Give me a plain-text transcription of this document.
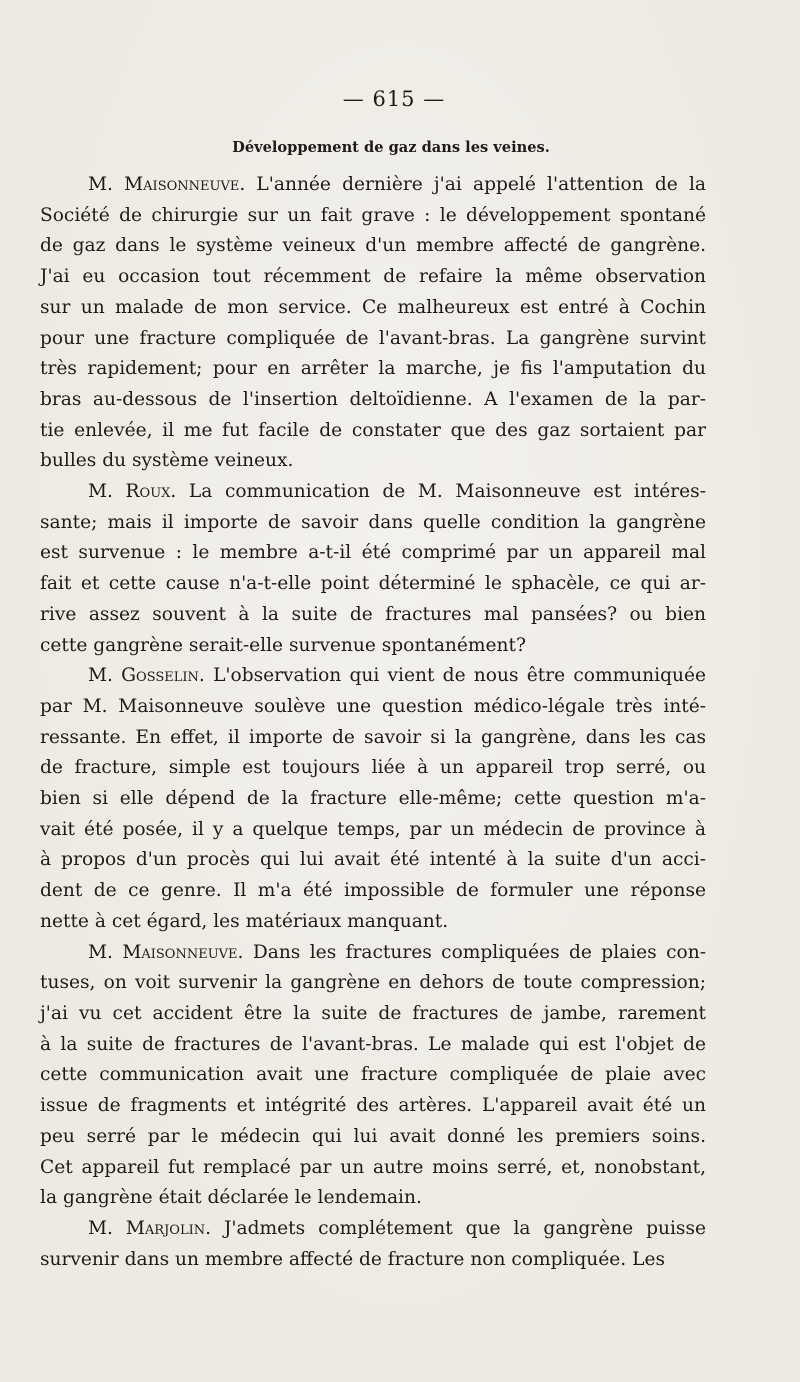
— 615 —
Développement de gaz dans les veines.

M. Maisonneuve. L'année dernière j'ai appelé l'attention de la
Société de chirurgie sur un fait grave : le développement spontané
de gaz dans le système veineux d'un membre affecté de gangrène.
J'ai eu occasion tout récemment de refaire la même observation
sur un malade de mon service. Ce malheureux est entré à Cochin
pour une fracture compliquée de l'avant-bras. La gangrène survint
très rapidement; pour en arrêter la marche, je fis l'amputation du
bras au-dessous de l'insertion deltoïdienne. A l'examen de la par-
tie enlevée, il me fut facile de constater que des gaz sortaient par
bulles du système veineux.

M. Roux. La communication de M. Maisonneuve est intéres-
sante; mais il importe de savoir dans quelle condition la gangrène
est survenue : le membre a-t-il été comprimé par un appareil mal
fait et cette cause n'a-t-elle point déterminé le sphacèle, ce qui ar-
rive assez souvent à la suite de fractures mal pansées? ou bien
cette gangrène serait-elle survenue spontanément?

M. Gosselin. L'observation qui vient de nous être communiquée
par M. Maisonneuve soulève une question médico-légale très inté-
ressante. En effet, il importe de savoir si la gangrène, dans les cas
de fracture, simple est toujours liée à un appareil trop serré, ou
bien si elle dépend de la fracture elle-même; cette question m'a-
vait été posée, il y a quelque temps, par un médecin de province à
à propos d'un procès qui lui avait été intenté à la suite d'un acci-
dent de ce genre. Il m'a été impossible de formuler une réponse
nette à cet égard, les matériaux manquant.

M. Maisonneuve. Dans les fractures compliquées de plaies con-
tuses, on voit survenir la gangrène en dehors de toute compression;
j'ai vu cet accident être la suite de fractures de jambe, rarement
à la suite de fractures de l'avant-bras. Le malade qui est l'objet de
cette communication avait une fracture compliquée de plaie avec
issue de fragments et intégrité des artères. L'appareil avait été un
peu serré par le médecin qui lui avait donné les premiers soins.
Cet appareil fut remplacé par un autre moins serré, et, nonobstant,
la gangrène était déclarée le lendemain.

M. Marjolin. J'admets complétement que la gangrène puisse
survenir dans un membre affecté de fracture non compliquée. Les
